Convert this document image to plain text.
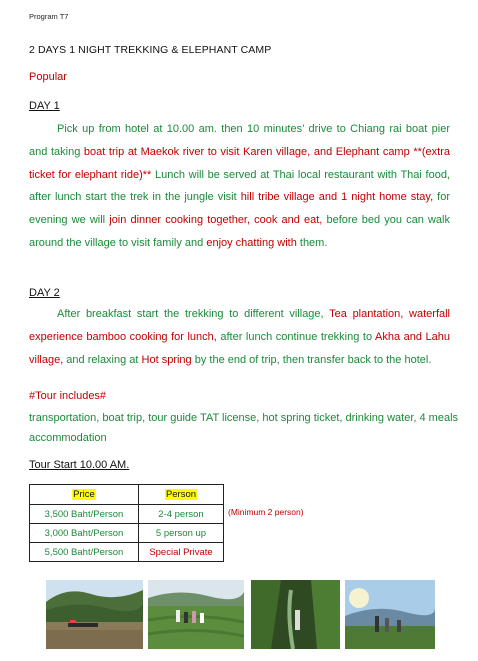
Program T7
2 DAYS 1 NIGHT TREKKING & ELEPHANT CAMP
Popular
DAY 1

Pick up from hotel at 10.00 am. then 10 minutes’ drive to Chiang rai boat pier and taking boat trip at Maekok river to visit Karen village, and Elephant camp **(extra ticket for elephant ride)** Lunch will be served at Thai local restaurant with Thai food, after lunch start the trek in the jungle visit hill tribe village and 1 night home stay, for evening we will join dinner cooking together, cook and eat, before bed you can walk around the village to visit family and enjoy chatting with them.

DAY 2

After breakfast start the trekking to different village, Tea plantation, waterfall experience bamboo cooking for lunch, after lunch continue trekking to Akha and Lahu village, and relaxing at Hot spring by the end of trip, then transfer back to the hotel.

#Tour includes#

transportation, boat trip, tour guide TAT license, hot spring ticket, drinking water, 4 meals accommodation

Tour Start 10.00 AM.
Price	Person
3,500 Baht/Person	2-4 person
3,000 Baht/Person	5 person up
5,500 Baht/Person	Special Private
(Minimum 2 person)
